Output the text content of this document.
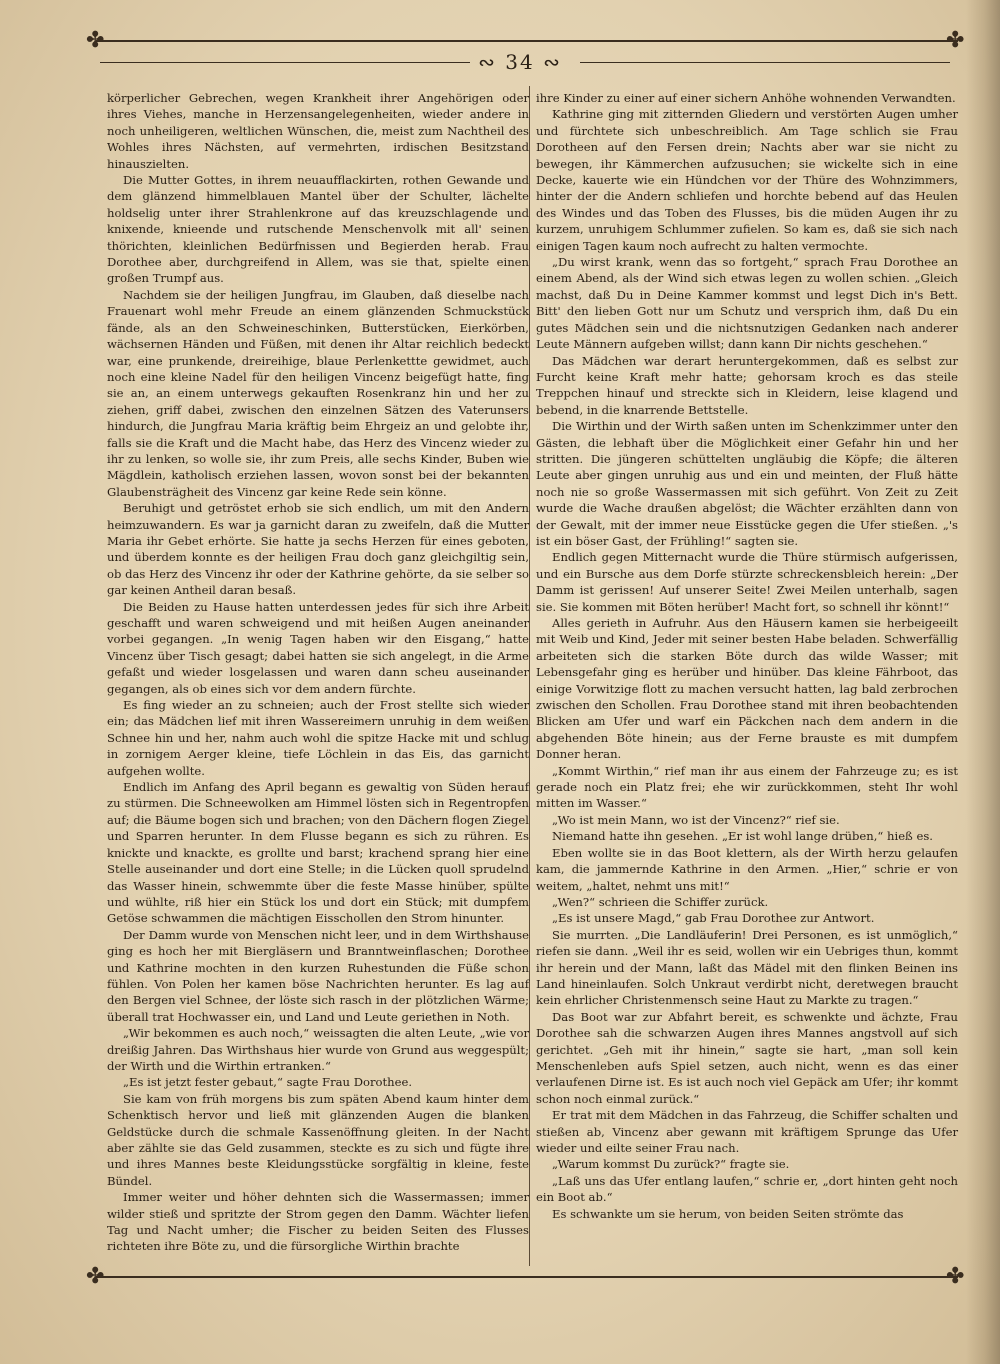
✤	✤
✤	✤
∾ 34 ∾

körperlicher Gebrechen, wegen Krankheit ihrer Angehörigen oder ihres Viehes, manche in Herzensangelegenheiten, wieder andere in noch unheiligeren, weltlichen Wünschen, die, meist zum Nachtheil des Wohles ihres Nächsten, auf vermehrten, irdischen Besitzstand hinauszielten.

Die Mutter Gottes, in ihrem neuaufflackirten, rothen Gewande und dem glänzend himmelblauen Mantel über der Schulter, lächelte holdselig unter ihrer Strahlenkrone auf das kreuzschlagende und knixende, knieende und rutschende Menschenvolk mit all' seinen thörichten, kleinlichen Bedürfnissen und Begierden herab. Frau Dorothee aber, durchgreifend in Allem, was sie that, spielte einen großen Trumpf aus.

Nachdem sie der heiligen Jungfrau, im Glauben, daß dieselbe nach Frauenart wohl mehr Freude an einem glänzenden Schmuckstück fände, als an den Schweineschinken, Butterstücken, Eierkörben, wächsernen Händen und Füßen, mit denen ihr Altar reichlich bedeckt war, eine prunkende, dreireihige, blaue Perlenkettte gewidmet, auch noch eine kleine Nadel für den heiligen Vincenz beigefügt hatte, fing sie an, an einem unterwegs gekauften Rosenkranz hin und her zu ziehen, griff dabei, zwischen den einzelnen Sätzen des Vaterunsers hindurch, die Jungfrau Maria kräftig beim Ehrgeiz an und gelobte ihr, falls sie die Kraft und die Macht habe, das Herz des Vincenz wieder zu ihr zu lenken, so wolle sie, ihr zum Preis, alle sechs Kinder, Buben wie Mägdlein, katholisch erziehen lassen, wovon sonst bei der bekannten Glaubensträgheit des Vincenz gar keine Rede sein könne.

Beruhigt und getröstet erhob sie sich endlich, um mit den Andern heimzuwandern. Es war ja garnicht daran zu zweifeln, daß die Mutter Maria ihr Gebet erhörte. Sie hatte ja sechs Herzen für eines geboten, und überdem konnte es der heiligen Frau doch ganz gleichgiltig sein, ob das Herz des Vincenz ihr oder der Kathrine gehörte, da sie selber so gar keinen Antheil daran besaß.

Die Beiden zu Hause hatten unterdessen jedes für sich ihre Arbeit geschafft und waren schweigend und mit heißen Augen aneinander vorbei gegangen. „In wenig Tagen haben wir den Eisgang,“ hatte Vincenz über Tisch gesagt; dabei hatten sie sich angelegt, in die Arme gefaßt und wieder losgelassen und waren dann scheu auseinander gegangen, als ob eines sich vor dem andern fürchte.

Es fing wieder an zu schneien; auch der Frost stellte sich wieder ein; das Mädchen lief mit ihren Wassereimern unruhig in dem weißen Schnee hin und her, nahm auch wohl die spitze Hacke mit und schlug in zornigem Aerger kleine, tiefe Löchlein in das Eis, das garnicht aufgehen wollte.

Endlich im Anfang des April begann es gewaltig von Süden herauf zu stürmen. Die Schneewolken am Himmel lösten sich in Regentropfen auf; die Bäume bogen sich und brachen; von den Dächern flogen Ziegel und Sparren herunter. In dem Flusse begann es sich zu rühren. Es knickte und knackte, es grollte und barst; krachend sprang hier eine Stelle auseinander und dort eine Stelle; in die Lücken quoll sprudelnd das Wasser hinein, schwemmte über die feste Masse hinüber, spülte und wühlte, riß hier ein Stück los und dort ein Stück; mit dumpfem Getöse schwammen die mächtigen Eisschollen den Strom hinunter.

Der Damm wurde von Menschen nicht leer, und in dem Wirthshause ging es hoch her mit Biergläsern und Branntweinflaschen; Dorothee und Kathrine mochten in den kurzen Ruhestunden die Füße schon fühlen. Von Polen her kamen böse Nachrichten herunter. Es lag auf den Bergen viel Schnee, der löste sich rasch in der plötzlichen Wärme; überall trat Hochwasser ein, und Land und Leute geriethen in Noth.

„Wir bekommen es auch noch,“ weissagten die alten Leute, „wie vor dreißig Jahren. Das Wirthshaus hier wurde von Grund aus weggespült; der Wirth und die Wirthin ertranken.“

„Es ist jetzt fester gebaut,“ sagte Frau Dorothee.

Sie kam von früh morgens bis zum späten Abend kaum hinter dem Schenktisch hervor und ließ mit glänzenden Augen die blanken Geldstücke durch die schmale Kassenöffnung gleiten. In der Nacht aber zählte sie das Geld zusammen, steckte es zu sich und fügte ihre und ihres Mannes beste Kleidungsstücke sorgfältig in kleine, feste Bündel.

Immer weiter und höher dehnten sich die Wassermassen; immer wilder stieß und spritzte der Strom gegen den Damm. Wächter liefen Tag und Nacht umher; die Fischer zu beiden Seiten des Flusses richteten ihre Böte zu, und die fürsorgliche Wirthin brachte

ihre Kinder zu einer auf einer sichern Anhöhe wohnenden Verwandten.

Kathrine ging mit zitternden Gliedern und verstörten Augen umher und fürchtete sich unbeschreiblich. Am Tage schlich sie Frau Dorotheen auf den Fersen drein; Nachts aber war sie nicht zu bewegen, ihr Kämmerchen aufzusuchen; sie wickelte sich in eine Decke, kauerte wie ein Hündchen vor der Thüre des Wohnzimmers, hinter der die Andern schliefen und horchte bebend auf das Heulen des Windes und das Toben des Flusses, bis die müden Augen ihr zu kurzem, unruhigem Schlummer zufielen. So kam es, daß sie sich nach einigen Tagen kaum noch aufrecht zu halten vermochte.

„Du wirst krank, wenn das so fortgeht,“ sprach Frau Dorothee an einem Abend, als der Wind sich etwas legen zu wollen schien. „Gleich machst, daß Du in Deine Kammer kommst und legst Dich in's Bett. Bitt' den lieben Gott nur um Schutz und versprich ihm, daß Du ein gutes Mädchen sein und die nichtsnutzigen Gedanken nach anderer Leute Männern aufgeben willst; dann kann Dir nichts geschehen.“

Das Mädchen war derart heruntergekommen, daß es selbst zur Furcht keine Kraft mehr hatte; gehorsam kroch es das steile Treppchen hinauf und streckte sich in Kleidern, leise klagend und bebend, in die knarrende Bettstelle.

Die Wirthin und der Wirth saßen unten im Schenkzimmer unter den Gästen, die lebhaft über die Möglichkeit einer Gefahr hin und her stritten. Die jüngeren schüttelten ungläubig die Köpfe; die älteren Leute aber gingen unruhig aus und ein und meinten, der Fluß hätte noch nie so große Wassermassen mit sich geführt. Von Zeit zu Zeit wurde die Wache draußen abgelöst; die Wächter erzählten dann von der Gewalt, mit der immer neue Eisstücke gegen die Ufer stießen. „'s ist ein böser Gast, der Frühling!“ sagten sie.

Endlich gegen Mitternacht wurde die Thüre stürmisch aufgerissen, und ein Bursche aus dem Dorfe stürzte schreckensbleich herein: „Der Damm ist gerissen! Auf unserer Seite! Zwei Meilen unterhalb, sagen sie. Sie kommen mit Böten herüber! Macht fort, so schnell ihr könnt!“

Alles gerieth in Aufruhr. Aus den Häusern kamen sie herbeigeeilt mit Weib und Kind, Jeder mit seiner besten Habe beladen. Schwerfällig arbeiteten sich die starken Böte durch das wilde Wasser; mit Lebensgefahr ging es herüber und hinüber. Das kleine Fährboot, das einige Vorwitzige flott zu machen versucht hatten, lag bald zerbrochen zwischen den Schollen. Frau Dorothee stand mit ihren beobachtenden Blicken am Ufer und warf ein Päckchen nach dem andern in die abgehenden Böte hinein; aus der Ferne brauste es mit dumpfem Donner heran.

„Kommt Wirthin,“ rief man ihr aus einem der Fahrzeuge zu; es ist gerade noch ein Platz frei; ehe wir zurückkommen, steht Ihr wohl mitten im Wasser.“

„Wo ist mein Mann, wo ist der Vincenz?“ rief sie.

Niemand hatte ihn gesehen. „Er ist wohl lange drüben,“ hieß es.

Eben wollte sie in das Boot klettern, als der Wirth herzu gelaufen kam, die jammernde Kathrine in den Armen. „Hier,“ schrie er von weitem, „haltet, nehmt uns mit!“

„Wen?“ schrieen die Schiffer zurück.

„Es ist unsere Magd,“ gab Frau Dorothee zur Antwort.

Sie murrten. „Die Landläuferin! Drei Personen, es ist unmöglich,“ riefen sie dann. „Weil ihr es seid, wollen wir ein Uebriges thun, kommt ihr herein und der Mann, laßt das Mädel mit den flinken Beinen ins Land hineinlaufen. Solch Unkraut verdirbt nicht, deretwegen braucht kein ehrlicher Christenmensch seine Haut zu Markte zu tragen.“

Das Boot war zur Abfahrt bereit, es schwenkte und ächzte, Frau Dorothee sah die schwarzen Augen ihres Mannes angstvoll auf sich gerichtet. „Geh mit ihr hinein,“ sagte sie hart, „man soll kein Menschenleben aufs Spiel setzen, auch nicht, wenn es das einer verlaufenen Dirne ist. Es ist auch noch viel Gepäck am Ufer; ihr kommt schon noch einmal zurück.“

Er trat mit dem Mädchen in das Fahrzeug, die Schiffer schalten und stießen ab, Vincenz aber gewann mit kräftigem Sprunge das Ufer wieder und eilte seiner Frau nach.

„Warum kommst Du zurück?“ fragte sie.

„Laß uns das Ufer entlang laufen,“ schrie er, „dort hinten geht noch ein Boot ab.“

Es schwankte um sie herum, von beiden Seiten strömte das
